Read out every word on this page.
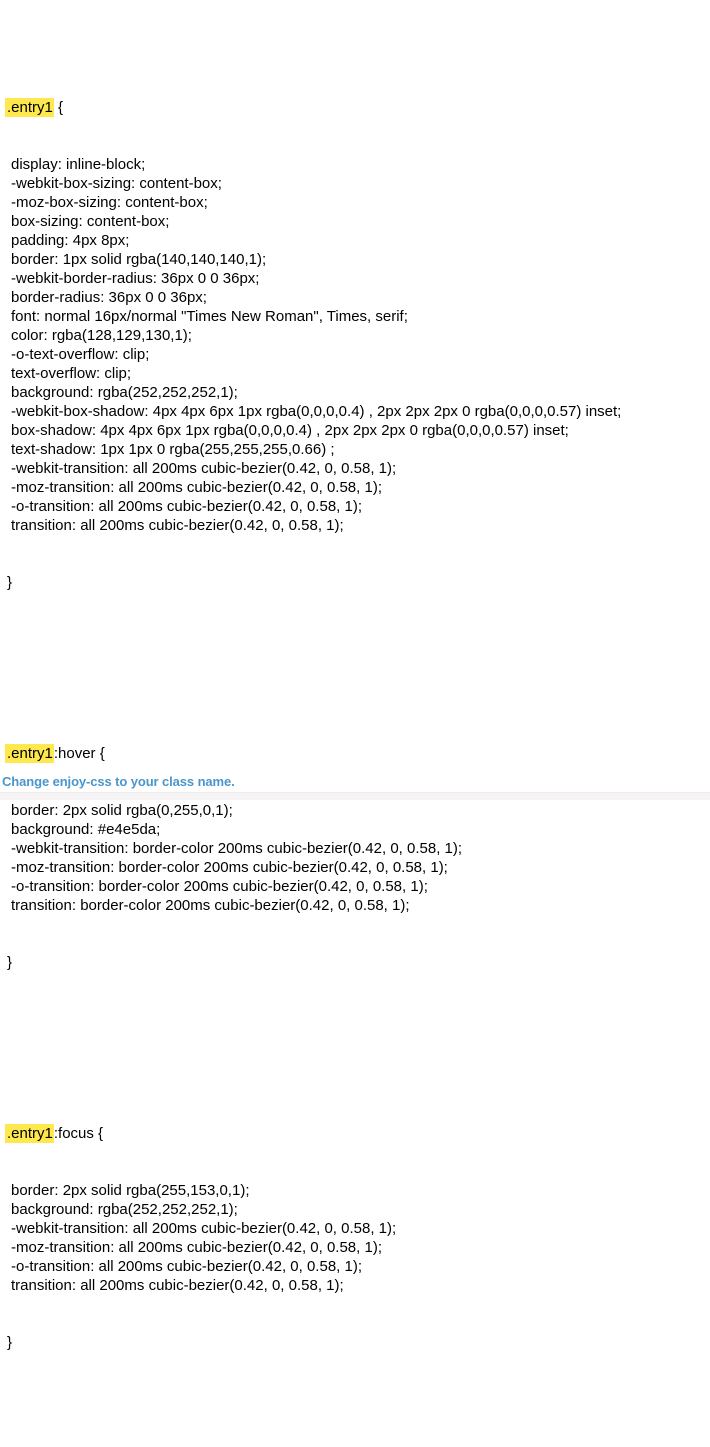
.entry1 {

display: inline-block;
-webkit-box-sizing: content-box;
-moz-box-sizing: content-box;
box-sizing: content-box;
padding: 4px 8px;
border: 1px solid rgba(140,140,140,1);
-webkit-border-radius: 36px 0 0 36px;
border-radius: 36px 0 0 36px;
font: normal 16px/normal "Times New Roman", Times, serif;
color: rgba(128,129,130,1);
-o-text-overflow: clip;
text-overflow: clip;
background: rgba(252,252,252,1);
-webkit-box-shadow: 4px 4px 6px 1px rgba(0,0,0,0.4) , 2px 2px 2px 0 rgba(0,0,0,0.57) inset;
box-shadow: 4px 4px 6px 1px rgba(0,0,0,0.4) , 2px 2px 2px 0 rgba(0,0,0,0.57) inset;
text-shadow: 1px 1px 0 rgba(255,255,255,0.66) ;
-webkit-transition: all 200ms cubic-bezier(0.42, 0, 0.58, 1);
-moz-transition: all 200ms cubic-bezier(0.42, 0, 0.58, 1);
-o-transition: all 200ms cubic-bezier(0.42, 0, 0.58, 1);
transition: all 200ms cubic-bezier(0.42, 0, 0.58, 1);

}

.entry1:hover {

border: 2px solid rgba(0,255,0,1);
background: #e4e5da;
-webkit-transition: border-color 200ms cubic-bezier(0.42, 0, 0.58, 1);
-moz-transition: border-color 200ms cubic-bezier(0.42, 0, 0.58, 1);
-o-transition: border-color 200ms cubic-bezier(0.42, 0, 0.58, 1);
transition: border-color 200ms cubic-bezier(0.42, 0, 0.58, 1);

}

.entry1:focus {

border: 2px solid rgba(255,153,0,1);
background: rgba(252,252,252,1);
-webkit-transition: all 200ms cubic-bezier(0.42, 0, 0.58, 1);
-moz-transition: all 200ms cubic-bezier(0.42, 0, 0.58, 1);
-o-transition: all 200ms cubic-bezier(0.42, 0, 0.58, 1);
transition: all 200ms cubic-bezier(0.42, 0, 0.58, 1);

}

Change enjoy-css to your class name.
